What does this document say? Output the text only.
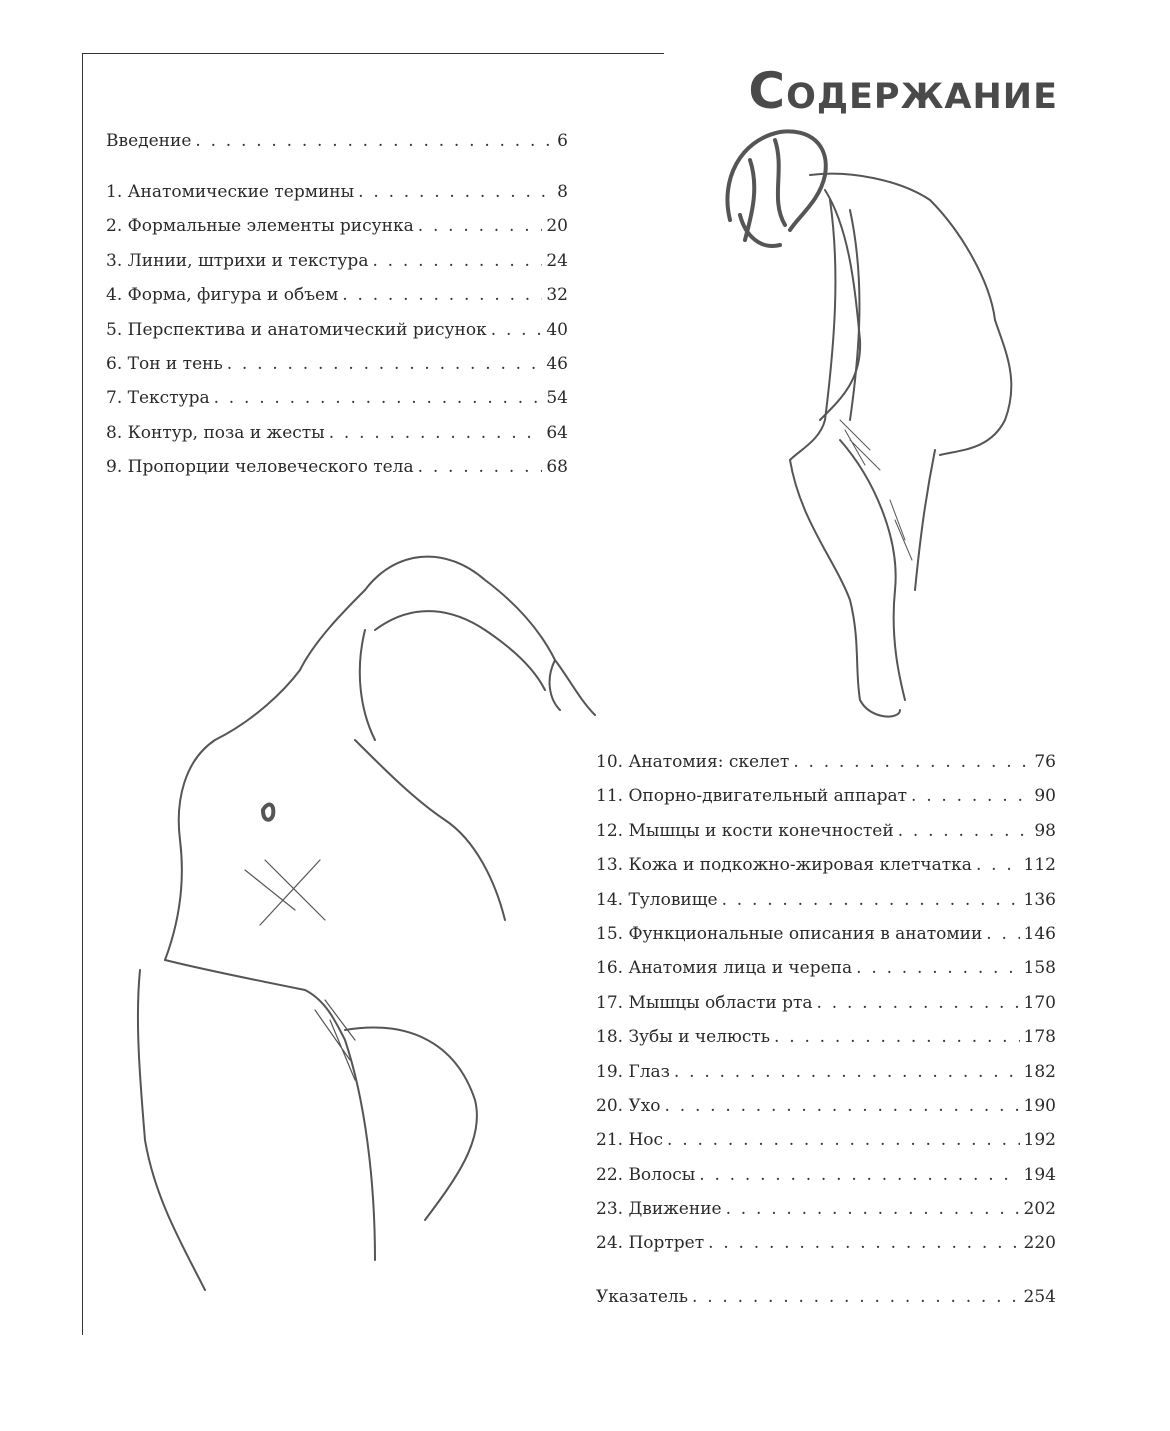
Содержание
Введение . . .	6
1. Анатомические термины . . .	8
2. Формальные элементы рисунка . . .	20
3. Линии, штрихи и текстура . . .	24
4. Форма, фигура и объем . . .	32
5. Перспектива и анатомический рисунок . . .	40
6. Тон и тень . . .	46
7. Текстура . . .	54
8. Контур, поза и жесты . . .	64
9. Пропорции человеческого тела . . .	68
10. Анатомия: скелет . . .	76
11. Опорно-двигательный аппарат . . .	90
12. Мышцы и кости конечностей . . .	98
13. Кожа и подкожно-жировая клетчатка . . .	112
14. Туловище . . .	136
15. Функциональные описания в анатомии . . . 146
16. Анатомия лица и черепа . . .	158
17. Мышцы области рта . . .	170
18. Зубы и челюсть . . .	178
19. Глаз . . .	182
20. Ухо . . .	190
21. Нос . . .	192
22. Волосы . . .	194
23. Движение . . .	202
24. Портрет . . .	220
Указатель . . .	254
